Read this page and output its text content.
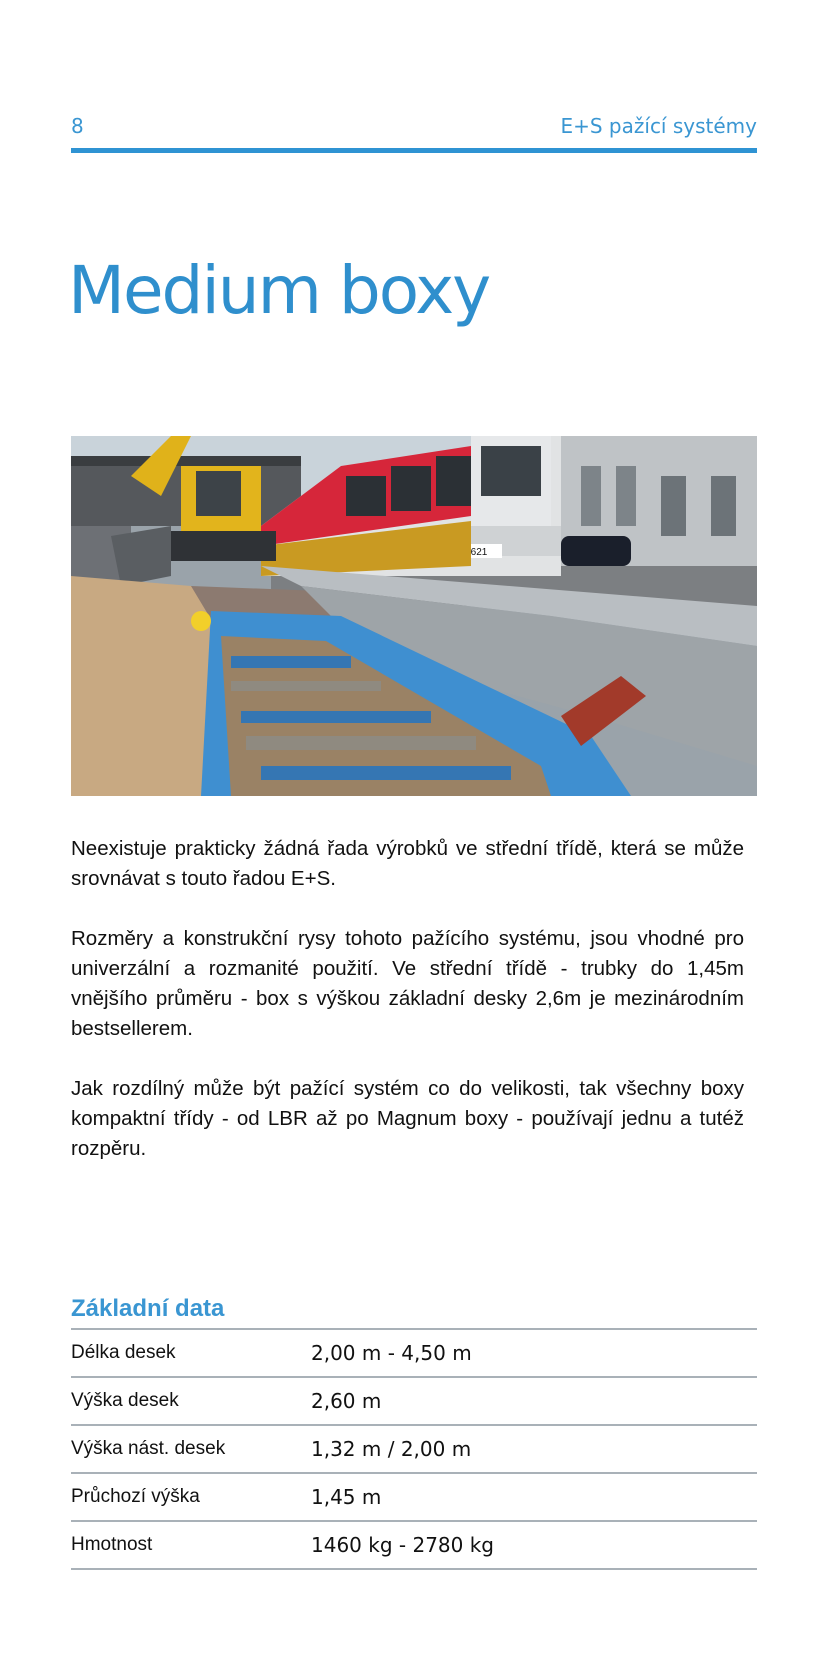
8	E+S pažící systémy
Medium boxy
621

Neexistuje prakticky žádná řada výrobků ve střední třídě, která se může srovnávat s touto řadou E+S.

Rozměry a konstrukční rysy tohoto pažícího systému, jsou vhodné pro univerzální a rozmanité použití. Ve střední třídě - trubky do 1,45m vnějšího průměru - box s výškou základní desky 2,6m je mezinárodním bestsellerem.

Jak rozdílný může být pažící systém co do velikosti, tak všechny boxy kompaktní třídy - od LBR až po Magnum boxy - používají jednu a tutéž rozpěru.

Základní data
Délka desek	2,00 m - 4,50 m
Výška desek	2,60 m
Výška nást. desek	1,32 m / 2,00 m
Průchozí výška	1,45 m
Hmotnost	1460 kg - 2780 kg
